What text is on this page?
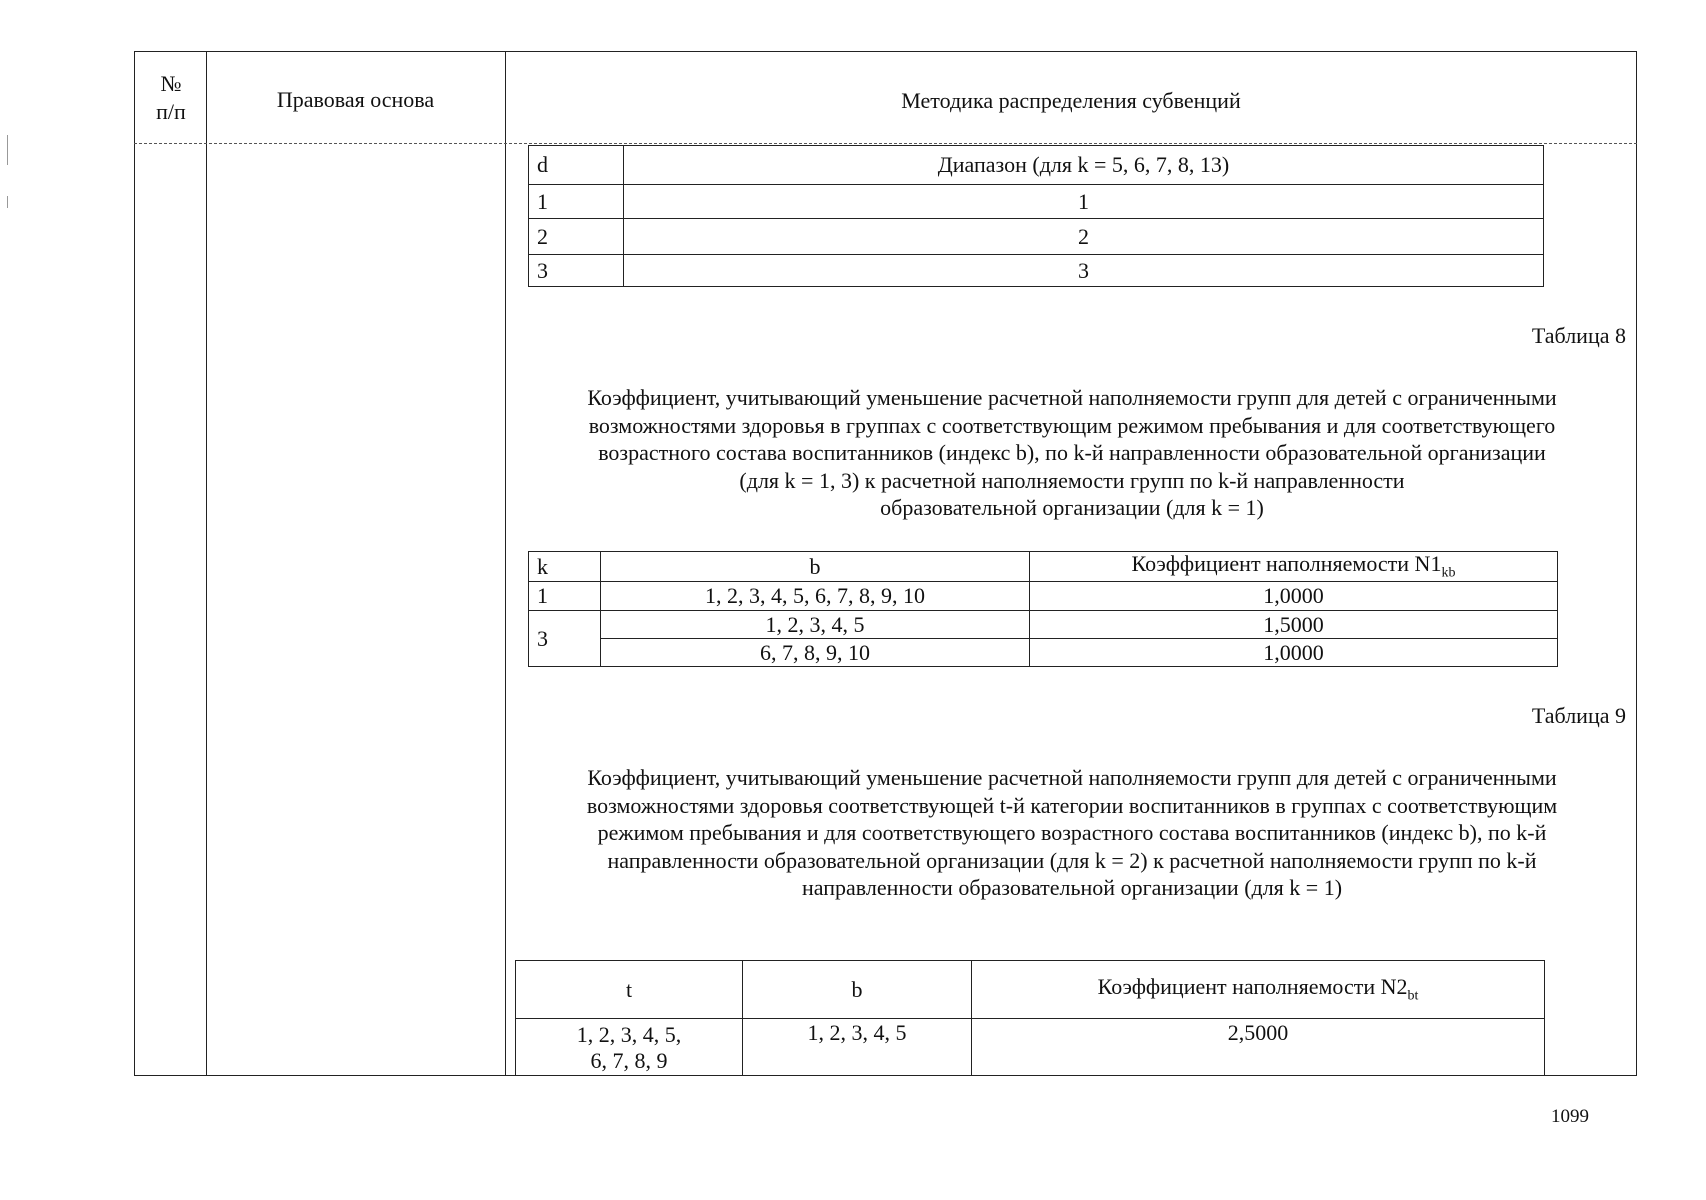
№
п/п	Правовая основа	Методика распределения субвенций
d	Диапазон (для k = 5, 6, 7, 8, 13)
1	1
2	2
3	3
Таблица 8
Коэффициент, учитывающий уменьшение расчетной наполняемости групп для детей с ограниченными
возможностями здоровья в группах с соответствующим режимом пребывания и для соответствующего
возрастного состава воспитанников (индекс b), по k-й направленности образовательной организации
(для k = 1, 3) к расчетной наполняемости групп по k-й направленности
образовательной организации (для k = 1)
k	b	Коэффициент наполняемости $N1_{kb}$
1	1, 2, 3, 4, 5, 6, 7, 8, 9, 10	1,0000
3	1, 2, 3, 4, 5	1,5000
	6, 7, 8, 9, 10	1,0000
Таблица 9
Коэффициент, учитывающий уменьшение расчетной наполняемости групп для детей с ограниченными
возможностями здоровья соответствующей t-й категории воспитанников в группах с соответствующим
режимом пребывания и для соответствующего возрастного состава воспитанников (индекс b), по k-й
направленности образовательной организации (для k = 2) к расчетной наполняемости групп по k-й
направленности образовательной организации (для k = 1)
t	b	Коэффициент наполняемости $N2_{bt}$

1, 2, 3, 4, 5,
6, 7, 8, 9	1, 2, 3, 4, 5	2,5000
1099
